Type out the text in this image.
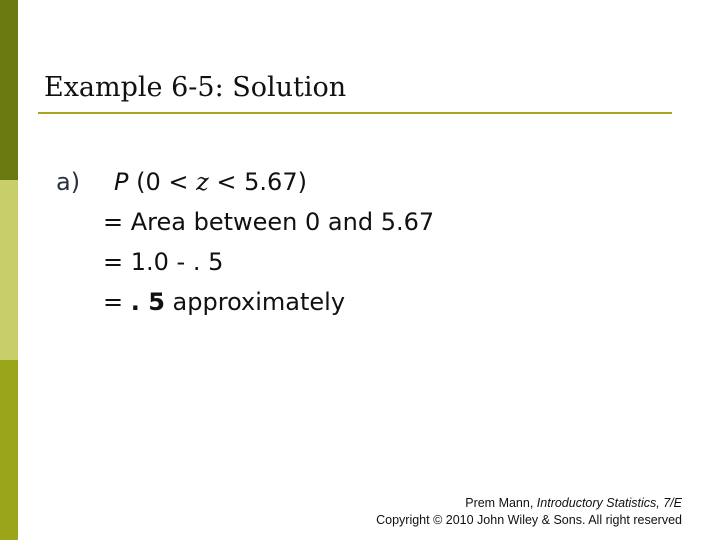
Example 6-5: Solution
a) P (0 < z < 5.67)
= Area between 0 and 5.67
= 1.0 - . 5
= . 5 approximately
Prem Mann, Introductory Statistics, 7/E
Copyright © 2010 John Wiley & Sons. All right reserved
